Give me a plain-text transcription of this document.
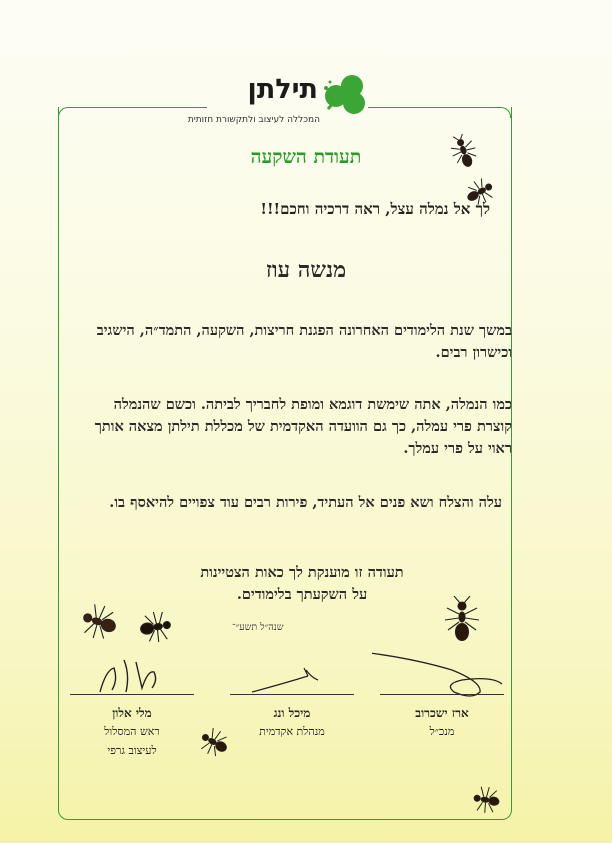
תילתן
המכללה לעיצוב ולתקשורת חזותית
תעודת השקעה
לך אל נמלה עצל, ראה דרכיה וחכם!!!
מנשה עוז
במשך שנת הלימודים האחרונה הפגנת חריצות, השקעה, התמד״ה, הישגיב וכישרון רבים.
כמו הנמלה, אתה שימשת דוגמא ומופת לחבריך לביתה. וכשם שהנמלה קוצרת פרי עמלה, כך גם הוועדה האקדמית של מכללת תילתן מצאה אותך ראוי על פרי עמלך.
עלה והצלח ושא פנים אל העתיד, פירות רבים עוד צפויים להיאסף בו.
תעודה זו מוענקת לך כאות הצטיינות
על השקעתך בלימודים.
שנה״ל תשע״־
מלי אלון
ראש המסלול
לעיצוב גרפי
מיכל ונג
מנהלת אקדמית
ארז ישכרוב
מנכ״ל
